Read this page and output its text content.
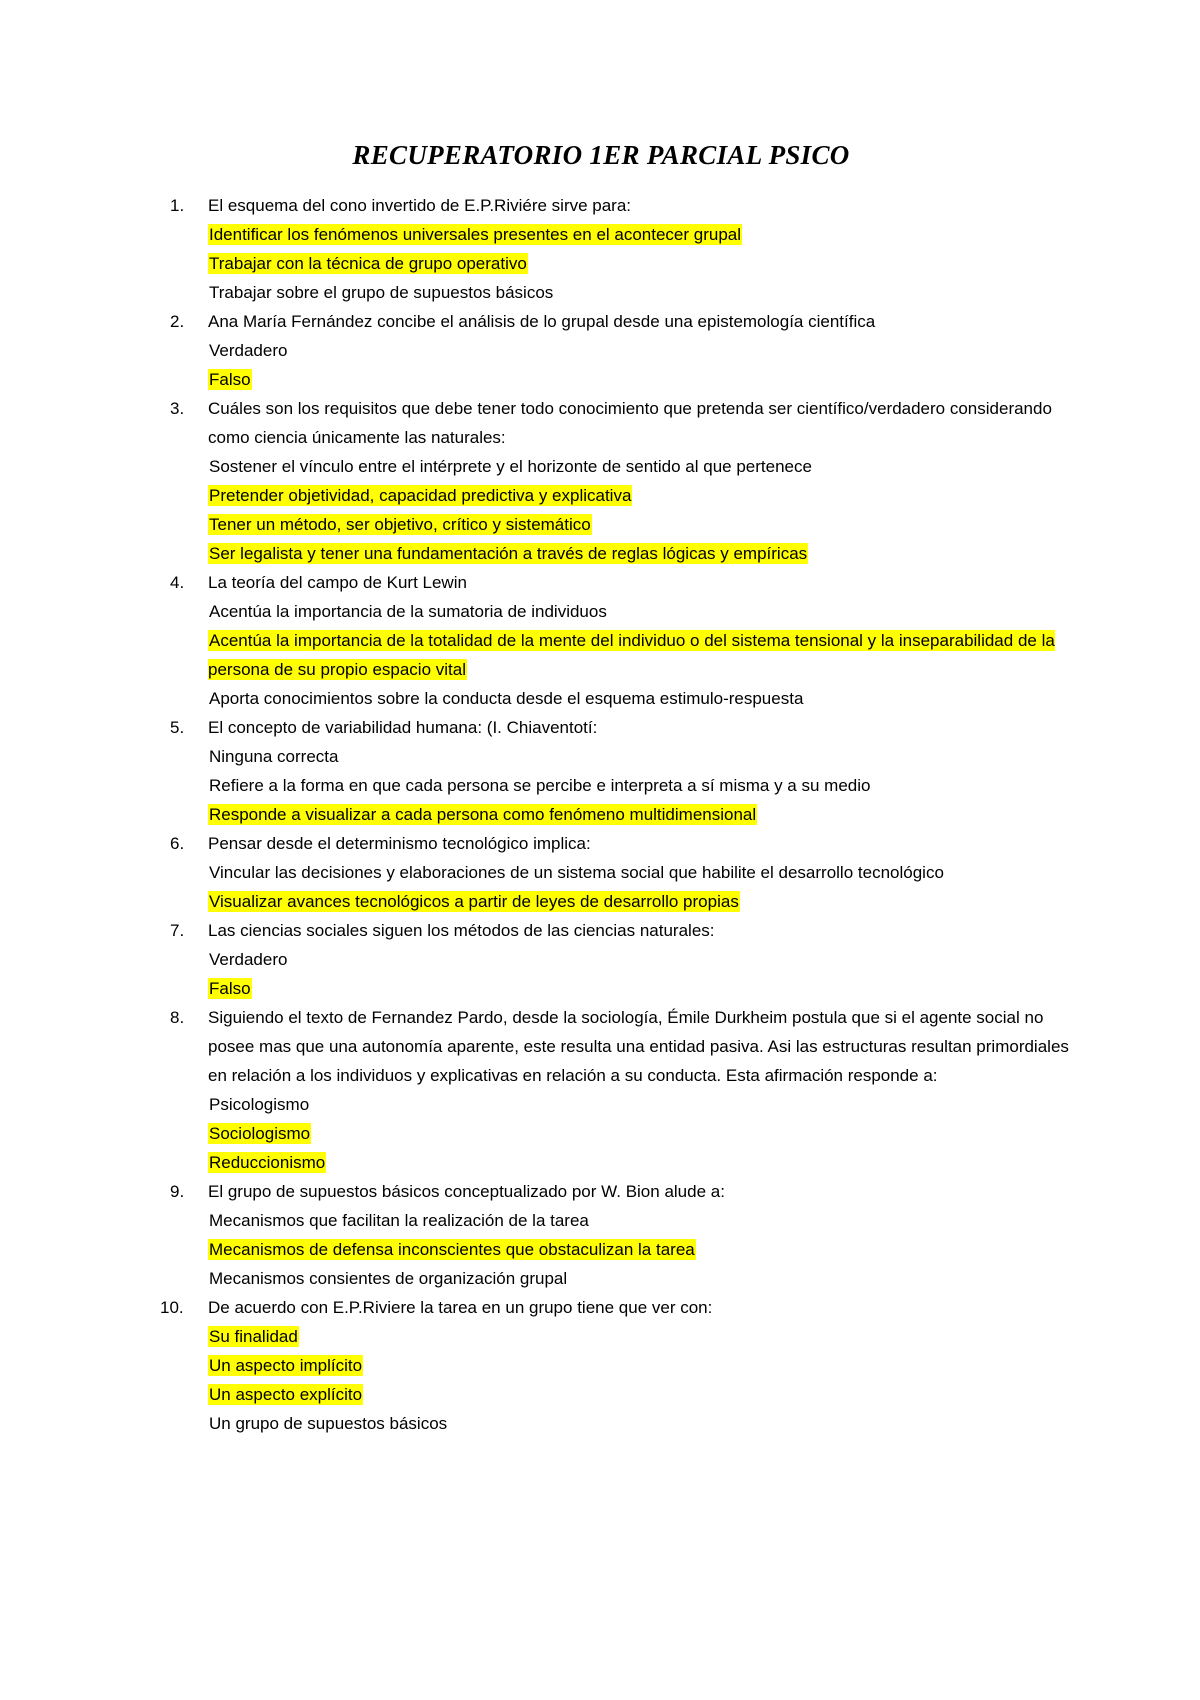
RECUPERATORIO 1ER PARCIAL PSICO
1.	El esquema del cono invertido de E.P.Riviére sirve para:
Identificar los fenómenos universales presentes en el acontecer grupal
Trabajar con la técnica de grupo operativo
Trabajar sobre el grupo de supuestos básicos
2.	Ana María Fernández concibe el análisis de lo grupal desde una epistemología científica
Verdadero
Falso
3.	Cuáles son los requisitos que debe tener todo conocimiento que pretenda ser científico/verdadero considerando como ciencia únicamente las naturales:
Sostener el vínculo entre el intérprete y el horizonte de sentido al que pertenece
Pretender objetividad, capacidad predictiva y explicativa
Tener un método, ser objetivo, crítico y sistemático
Ser legalista y tener una fundamentación a través de reglas lógicas y empíricas
4.	La teoría del campo de Kurt Lewin
Acentúa la importancia de la sumatoria de individuos
Acentúa la importancia de la totalidad de la mente del individuo o del sistema tensional y la inseparabilidad de la persona de su propio espacio vital
Aporta conocimientos sobre la conducta desde el esquema estimulo-respuesta
5.	El concepto de variabilidad humana: (I. Chiaventotí:
Ninguna correcta
Refiere a la forma en que cada persona se percibe e interpreta a sí misma y a su medio
Responde a visualizar a cada persona como fenómeno multidimensional
6.	Pensar desde el determinismo tecnológico implica:
Vincular las decisiones y elaboraciones de un sistema social que habilite el desarrollo tecnológico
Visualizar avances tecnológicos a partir de leyes de desarrollo propias
7.	Las ciencias sociales siguen los métodos de las ciencias naturales:
Verdadero
Falso
8.	Siguiendo el texto de Fernandez Pardo, desde la sociología, Émile Durkheim postula que si el agente social no posee mas que una autonomía aparente, este resulta una entidad pasiva. Asi las estructuras resultan primordiales en relación a los individuos y explicativas en relación a su conducta. Esta afirmación responde a:
Psicologismo
Sociologismo
Reduccionismo
9.	El grupo de supuestos básicos conceptualizado por W. Bion alude a:
Mecanismos que facilitan la realización de la tarea
Mecanismos de defensa inconscientes que obstaculizan la tarea
Mecanismos consientes de organización grupal
10.	De acuerdo con E.P.Riviere la tarea en un grupo tiene que ver con:
Su finalidad
Un aspecto implícito
Un aspecto explícito
Un grupo de supuestos básicos
